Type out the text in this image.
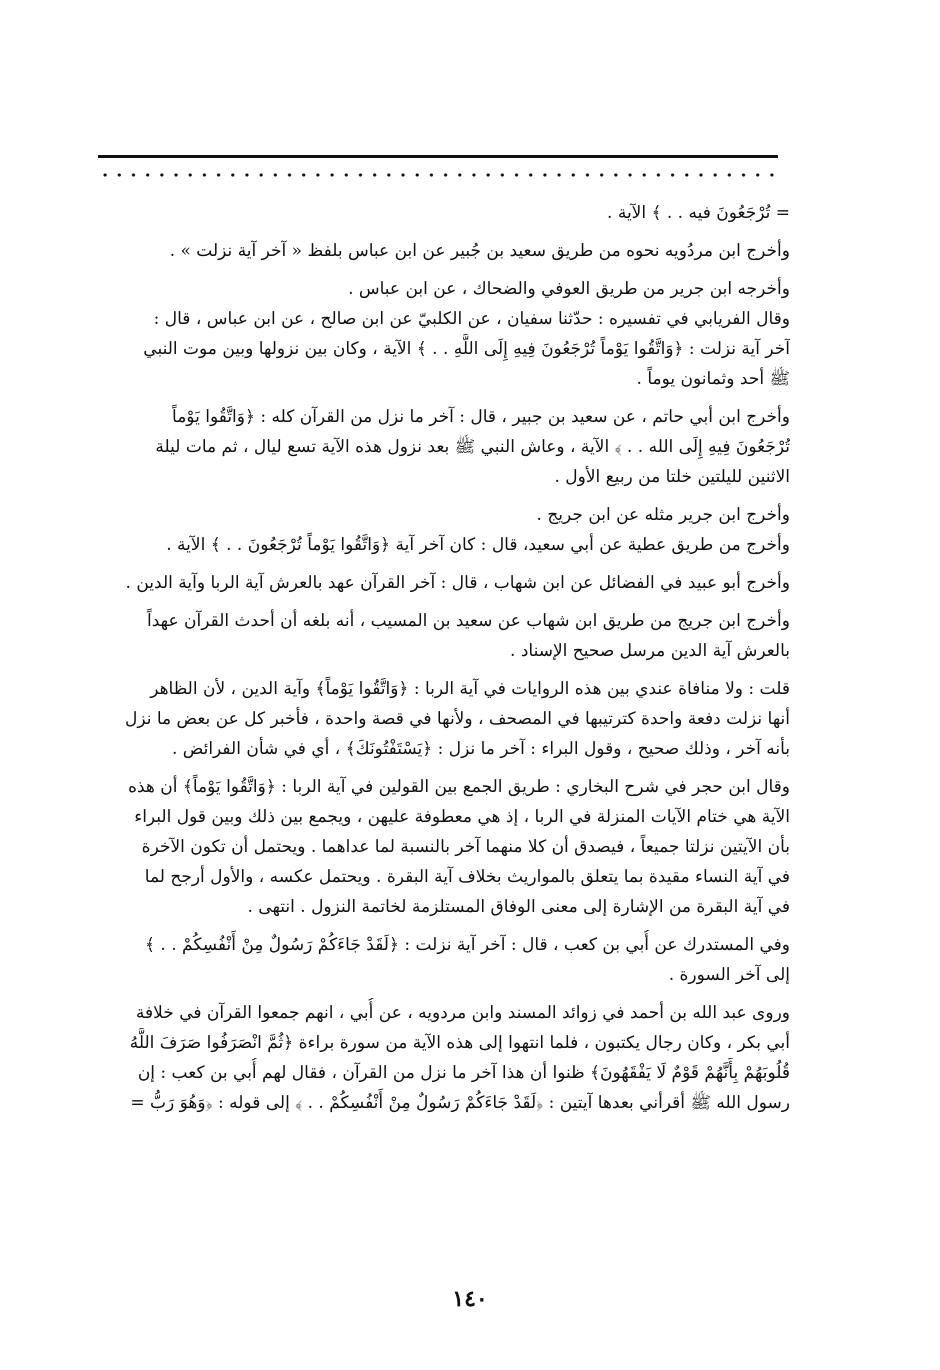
= تُرْجَعُونَ فيه . . ﴾ الآية .
وأخرج ابن مردُويه نحوه من طريق سعيد بن جُبير عن ابن عباس بلفظ « آخر آية نزلت » .
وأخرجه ابن جرير من طريق العوفي والضحاك ، عن ابن عباس .
وقال الفريابي في تفسيره : حدّثنا سفيان ، عن الكلبيّ عن ابن صالح ، عن ابن عباس ، قال :
آخر آية نزلت : ﴿وَاتَّقُوا يَوْماً تُرْجَعُونَ فِيهِ إِلَى اللَّهِ . . ﴾ الآية ، وكان بين نزولها وبين موت النبي
ﷺ أحد وثمانون يوماً .
وأخرج ابن أبي حاتم ، عن سعيد بن جبير ، قال : آخر ما نزل من القرآن كله : ﴿وَاتَّقُوا يَوْماً
تُرْجَعُونَ فِيهِ إِلَى الله . . ﴾ الآية ، وعاش النبي ﷺ بعد نزول هذه الآية تسع ليال ، ثم مات ليلة
الاثنين لليلتين خلتا من ربيع الأول .
وأخرج ابن جرير مثله عن ابن جريج .
وأخرج من طريق عطية عن أبي سعيد، قال : كان آخر آية ﴿وَاتَّقُوا يَوْماً تُرْجَعُونَ . . ﴾ الآية .
وأخرج أبو عبيد في الفضائل عن ابن شهاب ، قال : آخر القرآن عهد بالعرش آية الربا وآية الدين .
وأخرج ابن جريج من طريق ابن شهاب عن سعيد بن المسيب ، أنه بلغه أن أحدث القرآن عهداً
بالعرش آية الدين مرسل صحيح الإسناد .
قلت : ولا منافاة عندي بين هذه الروايات في آية الربا : ﴿وَاتَّقُوا يَوْماً﴾ وآية الدين ، لأن الظاهر
أنها نزلت دفعة واحدة كترتيبها في المصحف ، ولأنها في قصة واحدة ، فأخبر كل عن بعض ما نزل
بأنه آخر ، وذلك صحيح ، وقول البراء : آخر ما نزل : ﴿يَسْتَفْتُونَكَ﴾ ، أي في شأن الفرائض .
وقال ابن حجر في شرح البخاري : طريق الجمع بين القولين في آية الربا : ﴿وَاتَّقُوا يَوْماً﴾ أن هذه
الآية هي ختام الآيات المنزلة في الربا ، إذ هي معطوفة عليهن ، ويجمع بين ذلك وبين قول البراء
بأن الآيتين نزلتا جميعاً ، فيصدق أن كلا منهما آخر بالنسبة لما عداهما . ويحتمل أن تكون الآخرة
في آية النساء مقيدة بما يتعلق بالمواريث بخلاف آية البقرة . ويحتمل عكسه ، والأول أرجح لما
في آية البقرة من الإشارة إلى معنى الوفاق المستلزمة لخاتمة النزول . انتهى .
وفي المستدرك عن أُبي بن كعب ، قال : آخر آية نزلت : ﴿لَقَدْ جَاءَكُمْ رَسُولٌ مِنْ أَنْفُسِكُمْ . . ﴾
إلى آخر السورة .
وروى عبد الله بن أحمد في زوائد المسند وابن مردويه ، عن أُبي ، انهم جمعوا القرآن في خلافة
أبي بكر ، وكان رجال يكتبون ، فلما انتهوا إلى هذه الآية من سورة براءة ﴿ثُمَّ انْصَرَفُوا صَرَفَ اللَّهُ
قُلُوبَهُمْ بِأَنَّهُمْ قَوْمٌ لَا يَفْقَهُونَ﴾ ظنوا أن هذا آخر ما نزل من القرآن ، فقال لهم أُبي بن كعب : إن
رسول الله ﷺ أقرأني بعدها آيتين : ﴿لَقَدْ جَاءَكُمْ رَسُولٌ مِنْ أَنْفُسِكُمْ . . ﴾ إلى قوله : ﴿وَهُوَ رَبُّ =
١٤٠
